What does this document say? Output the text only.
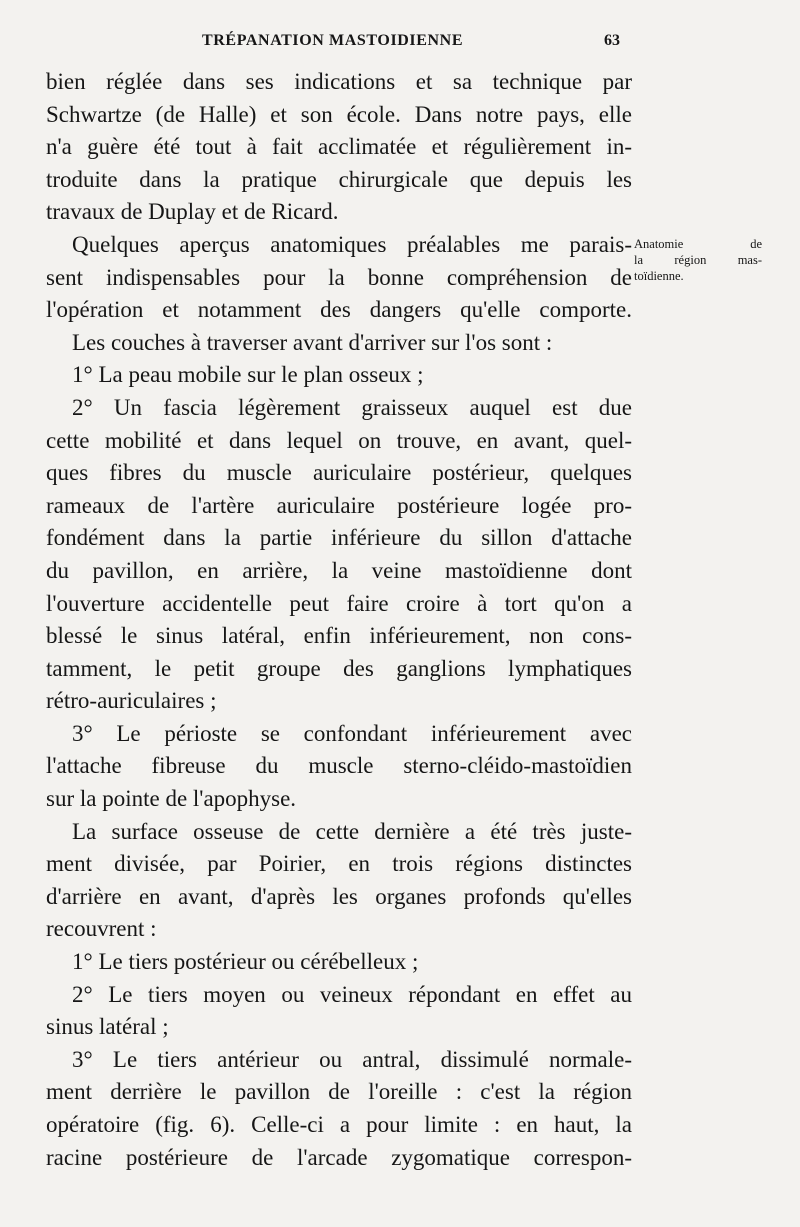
TRÉPANATION MASTOIDIENNE	63
bien réglée dans ses indications et sa technique par
Schwartze (de Halle) et son école. Dans notre pays, elle
n'a guère été tout à fait acclimatée et régulièrement in-
troduite dans la pratique chirurgicale que depuis les
travaux de Duplay et de Ricard.
Quelques aperçus anatomiques préalables me parais-
sent indispensables pour la bonne compréhension de
l'opération et notamment des dangers qu'elle comporte.
Les couches à traverser avant d'arriver sur l'os sont :
1° La peau mobile sur le plan osseux ;
2° Un fascia légèrement graisseux auquel est due
cette mobilité et dans lequel on trouve, en avant, quel-
ques fibres du muscle auriculaire postérieur, quelques
rameaux de l'artère auriculaire postérieure logée pro-
fondément dans la partie inférieure du sillon d'attache
du pavillon, en arrière, la veine mastoïdienne dont
l'ouverture accidentelle peut faire croire à tort qu'on a
blessé le sinus latéral, enfin inférieurement, non cons-
tamment, le petit groupe des ganglions lymphatiques
rétro-auriculaires ;
3° Le périoste se confondant inférieurement avec
l'attache fibreuse du muscle sterno-cléido-mastoïdien
sur la pointe de l'apophyse.
La surface osseuse de cette dernière a été très juste-
ment divisée, par Poirier, en trois régions distinctes
d'arrière en avant, d'après les organes profonds qu'elles
recouvrent :
1° Le tiers postérieur ou cérébelleux ;
2° Le tiers moyen ou veineux répondant en effet au
sinus latéral ;
3° Le tiers antérieur ou antral, dissimulé normale-
ment derrière le pavillon de l'oreille : c'est la région
opératoire (fig. 6). Celle-ci a pour limite : en haut, la
racine postérieure de l'arcade zygomatique correspon-
Anatomie de
la région mas-
toïdienne.
